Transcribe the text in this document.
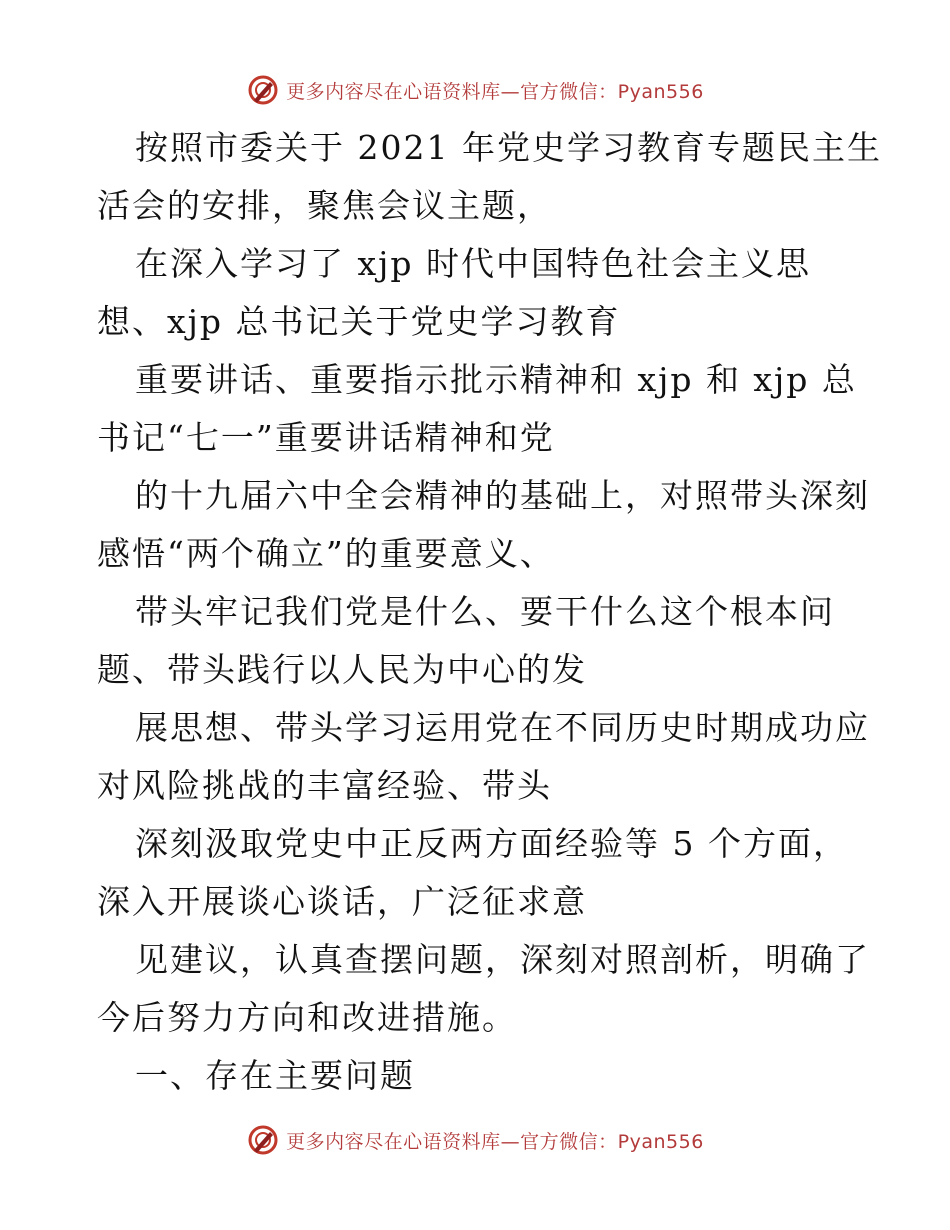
更多内容尽在心语资料库—官方微信：Pyan556
按照市委关于 2021 年党史学习教育专题民主生
活会的安排，聚焦会议主题，
在深入学习了 xjp 时代中国特色社会主义思
想、xjp 总书记关于党史学习教育
重要讲话、重要指示批示精神和 xjp 和 xjp 总
书记“七一”重要讲话精神和党
的十九届六中全会精神的基础上，对照带头深刻
感悟“两个确立”的重要意义、
带头牢记我们党是什么、要干什么这个根本问
题、带头践行以人民为中心的发
展思想、带头学习运用党在不同历史时期成功应
对风险挑战的丰富经验、带头
深刻汲取党史中正反两方面经验等 5 个方面，
深入开展谈心谈话，广泛征求意
见建议，认真查摆问题，深刻对照剖析，明确了
今后努力方向和改进措施。
一、存在主要问题
更多内容尽在心语资料库—官方微信：Pyan556
